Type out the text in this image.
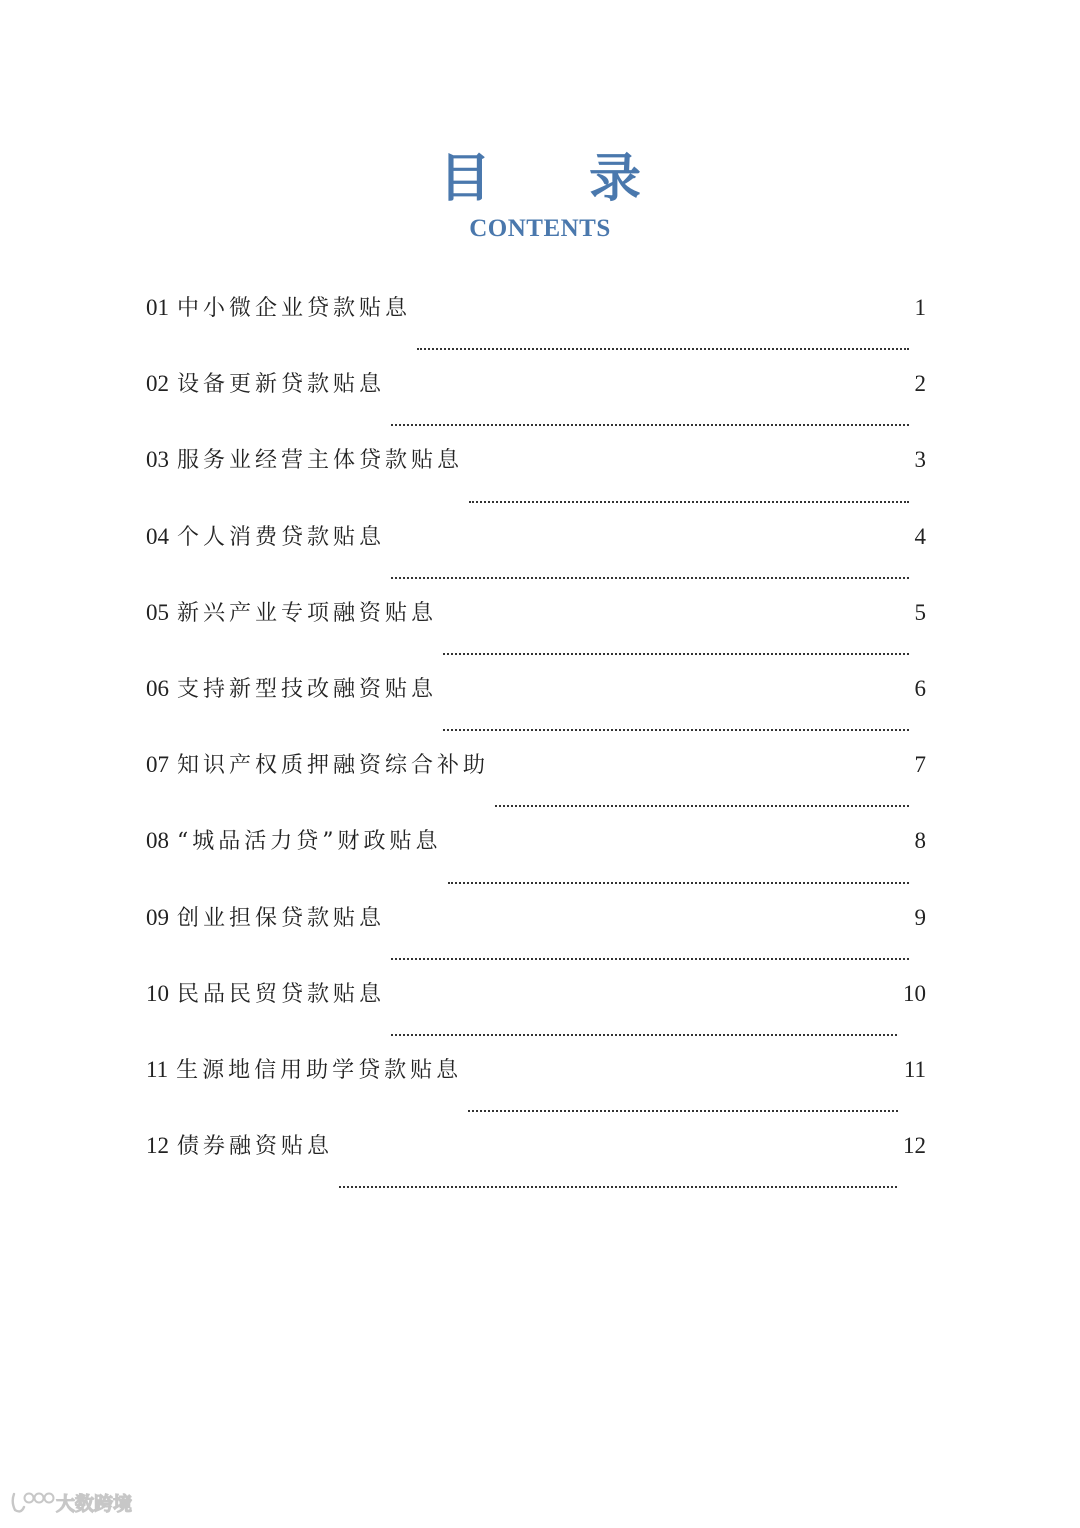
目 录
CONTENTS
01 中小微企业贷款贴息	1
02 设备更新贷款贴息	2
03 服务业经营主体贷款贴息	3
04 个人消费贷款贴息	4
05 新兴产业专项融资贴息	5
06 支持新型技改融资贴息	6
07 知识产权质押融资综合补助	7
08 “城品活力贷”财政贴息	8
09 创业担保贷款贴息	9
10 民品民贸贷款贴息	10
11 生源地信用助学贷款贴息	11
12 债券融资贴息	12
大数跨境
